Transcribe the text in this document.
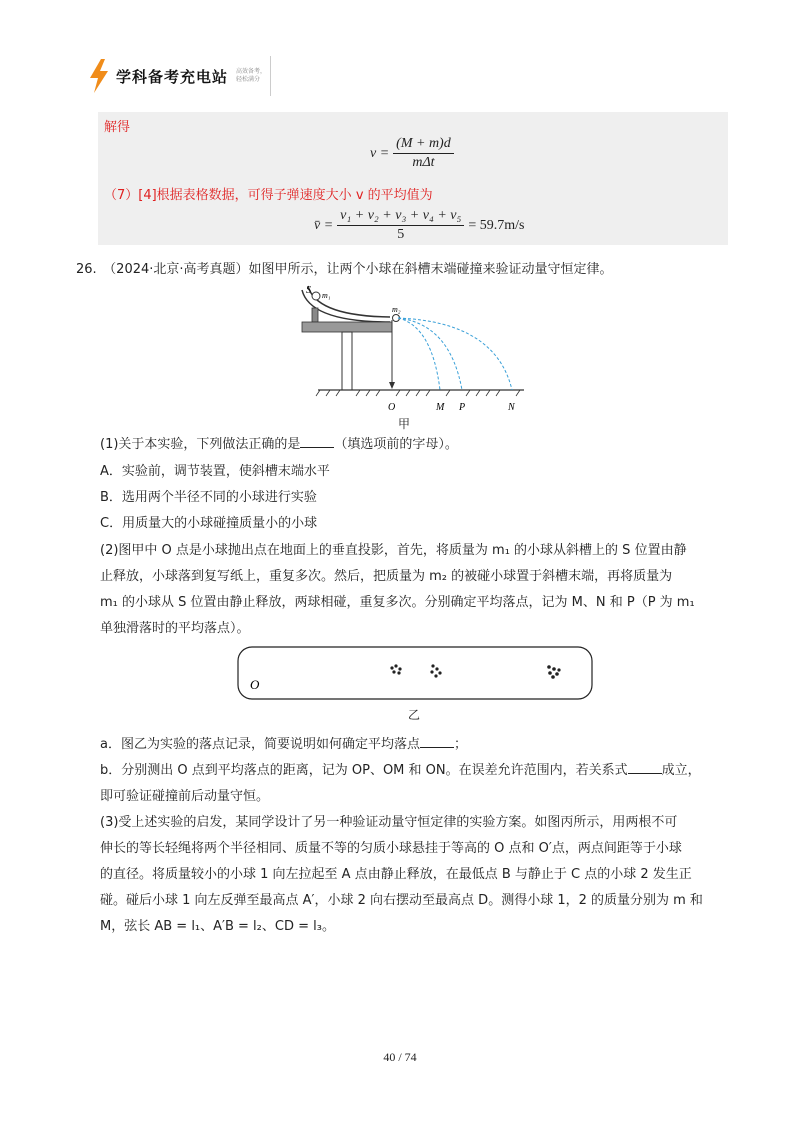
学科备考充电站 高效备考，
轻松满分
解得
$v = \frac{(M + m)d}{\text{mΔt}}$
（7）[4]根据表格数据，可得子弹速度大小 v 的平均值为
v̄ = $\frac{\text{v₁ + v₂ + v₃ + v₄ + v₅}}{5} = 59.7m/s$
26.　（2024·北京·高考真题）如图甲所示，让两个小球在斜槽末端碰撞来验证动量守恒定律。
S m₁
m₂
O	M P	N
甲
(1)关于本实验，下列做法正确的是	（填选项前的字母）。
A．实验前，调节装置，使斜槽末端水平
B．选用两个半径不同的小球进行实验
C．用质量大的小球碰撞质量小的小球
(2)图甲中 O 点是小球抛出点在地面上的垂直投影，首先，将质量为 m₁ 的小球从斜槽上的 S 位置由静
止释放，小球落到复写纸上，重复多次。然后，把质量为 m₂ 的被碰小球置于斜槽末端，再将质量为
m₁ 的小球从 S 位置由静止释放，两球相碰，重复多次。分别确定平均落点，记为 M、N 和 P（P 为 m₁
单独滑落时的平均落点）。
O
乙
a．图乙为实验的落点记录，简要说明如何确定平均落点	；
b．分别测出 O 点到平均落点的距离，记为 OP、OM 和 ON。在误差允许范围内，若关系式	成立，
即可验证碰撞前后动量守恒。
(3)受上述实验的启发，某同学设计了另一种验证动量守恒定律的实验方案。如图丙所示，用两根不可
伸长的等长轻绳将两个半径相同、质量不等的匀质小球悬挂于等高的 O 点和 O′点，两点间距等于小球
的直径。将质量较小的小球 1 向左拉起至 A 点由静止释放，在最低点 B 与静止于 C 点的小球 2 发生正
碰。碰后小球 1 向左反弹至最高点 A′，小球 2 向右摆动至最高点 D。测得小球 1，2 的质量分别为 m 和
M，弦长 AB = l₁、A′B = l₂、CD = l₃。
40 / 74
